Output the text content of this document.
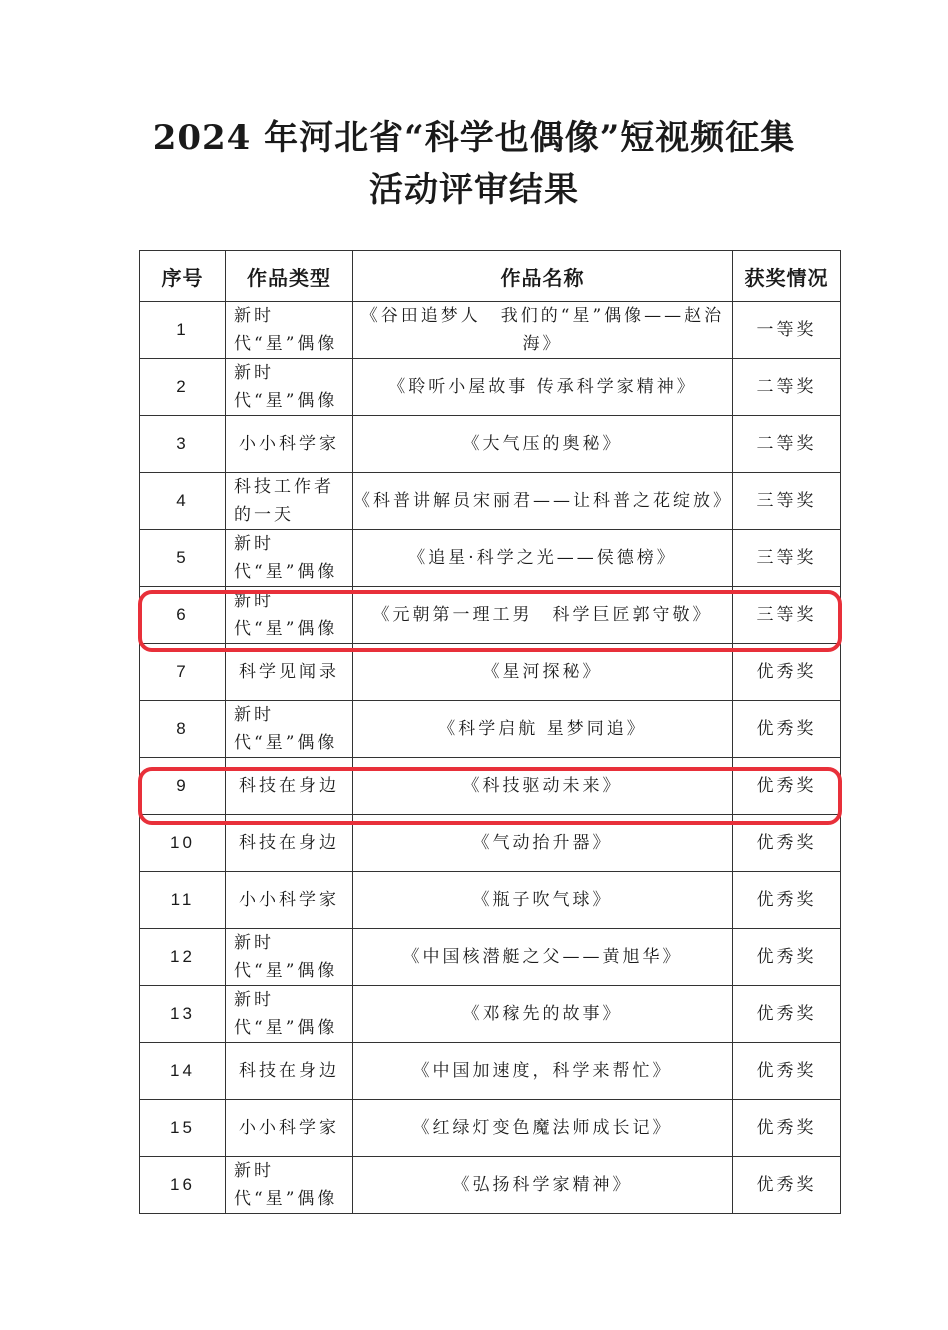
2024 年河北省“科学也偶像”短视频征集
活动评审结果
序号	作品类型	作品名称	获奖情况
1	新时代“星”偶像	《谷田追梦人　我们的“星”偶像——赵治海》	一等奖
2	新时代“星”偶像	《聆听小屋故事 传承科学家精神》	二等奖
3	小小科学家	《大气压的奥秘》	二等奖
4	科技工作者的一天	《科普讲解员宋丽君——让科普之花绽放》	三等奖
5	新时代“星”偶像	《追星·科学之光——侯德榜》	三等奖
6	新时代“星”偶像	《元朝第一理工男　科学巨匠郭守敬》	三等奖
7	科学见闻录	《星河探秘》	优秀奖
8	新时代“星”偶像	《科学启航 星梦同追》	优秀奖
9	科技在身边	《科技驱动未来》	优秀奖
10	科技在身边	《气动抬升器》	优秀奖
11	小小科学家	《瓶子吹气球》	优秀奖
12	新时代“星”偶像	《中国核潜艇之父——黄旭华》	优秀奖
13	新时代“星”偶像	《邓稼先的故事》	优秀奖
14	科技在身边	《中国加速度，科学来帮忙》	优秀奖
15	小小科学家	《红绿灯变色魔法师成长记》	优秀奖
16	新时代“星”偶像	《弘扬科学家精神》	优秀奖
